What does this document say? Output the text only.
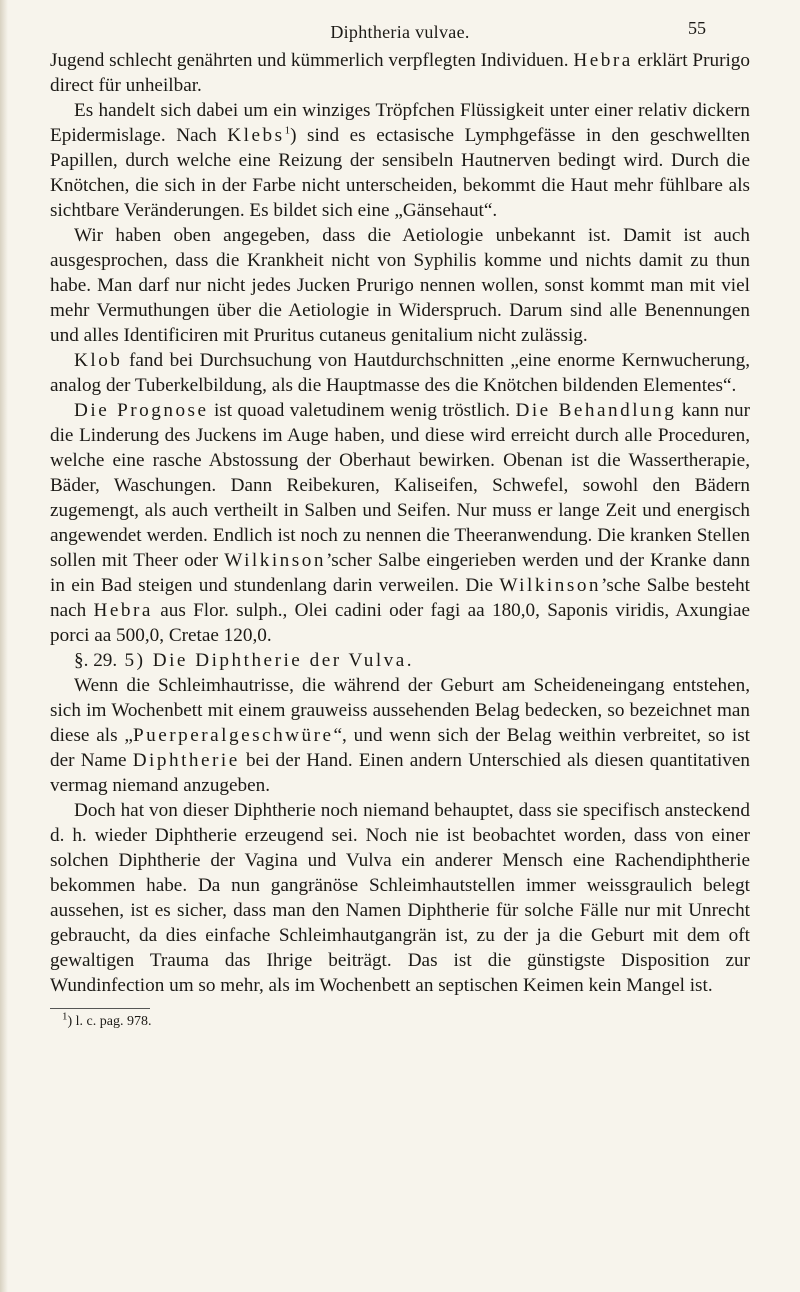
Diphtheria vulvae.	55

Jugend schlecht genährten und kümmerlich verpflegten Individuen. Hebra erklärt Prurigo direct für unheilbar.

Es handelt sich dabei um ein winziges Tröpfchen Flüssigkeit unter einer relativ dickern Epidermislage. Nach Klebs$^1$) sind es ectasische Lymphgefässe in den geschwellten Papillen, durch welche eine Reizung der sensibeln Hautnerven bedingt wird. Durch die Knötchen, die sich in der Farbe nicht unterscheiden, bekommt die Haut mehr fühlbare als sichtbare Veränderungen. Es bildet sich eine „Gänsehaut“.

Wir haben oben angegeben, dass die Aetiologie unbekannt ist. Damit ist auch ausgesprochen, dass die Krankheit nicht von Syphilis komme und nichts damit zu thun habe. Man darf nur nicht jedes Jucken Prurigo nennen wollen, sonst kommt man mit viel mehr Vermuthungen über die Aetiologie in Widerspruch. Darum sind alle Benennungen und alles Identificiren mit Pruritus cutaneus genitalium nicht zulässig.

Klob fand bei Durchsuchung von Hautdurchschnitten „eine enorme Kernwucherung, analog der Tuberkelbildung, als die Hauptmasse des die Knötchen bildenden Elementes“.

Die Prognose ist quoad valetudinem wenig tröstlich. Die Behandlung kann nur die Linderung des Juckens im Auge haben, und diese wird erreicht durch alle Proceduren, welche eine rasche Abstossung der Oberhaut bewirken. Obenan ist die Wassertherapie, Bäder, Waschungen. Dann Reibekuren, Kaliseifen, Schwefel, sowohl den Bädern zugemengt, als auch vertheilt in Salben und Seifen. Nur muss er lange Zeit und energisch angewendet werden. Endlich ist noch zu nennen die Theeranwendung. Die kranken Stellen sollen mit Theer oder Wilkinson’scher Salbe eingerieben werden und der Kranke dann in ein Bad steigen und stundenlang darin verweilen. Die Wilkinson’sche Salbe besteht nach Hebra aus Flor. sulph., Olei cadini oder fagi aa 180,0, Saponis viridis, Axungiae porci aa 500,0, Cretae 120,0.

§. 29. 5) Die Diphtherie der Vulva.

Wenn die Schleimhautrisse, die während der Geburt am Scheideneingang entstehen, sich im Wochenbett mit einem grauweiss aussehenden Belag bedecken, so bezeichnet man diese als „Puerperalgeschwüre“, und wenn sich der Belag weithin verbreitet, so ist der Name Diphtherie bei der Hand. Einen andern Unterschied als diesen quantitativen vermag niemand anzugeben.

Doch hat von dieser Diphtherie noch niemand behauptet, dass sie specifisch ansteckend d. h. wieder Diphtherie erzeugend sei. Noch nie ist beobachtet worden, dass von einer solchen Diphtherie der Vagina und Vulva ein anderer Mensch eine Rachendiphtherie bekommen habe. Da nun gangränöse Schleimhautstellen immer weissgraulich belegt aussehen, ist es sicher, dass man den Namen Diphtherie für solche Fälle nur mit Unrecht gebraucht, da dies einfache Schleimhautgangrän ist, zu der ja die Geburt mit dem oft gewaltigen Trauma das Ihrige beiträgt. Das ist die günstigste Disposition zur Wundinfection um so mehr, als im Wochenbett an septischen Keimen kein Mangel ist.

$^1$) l. c. pag. 978.
